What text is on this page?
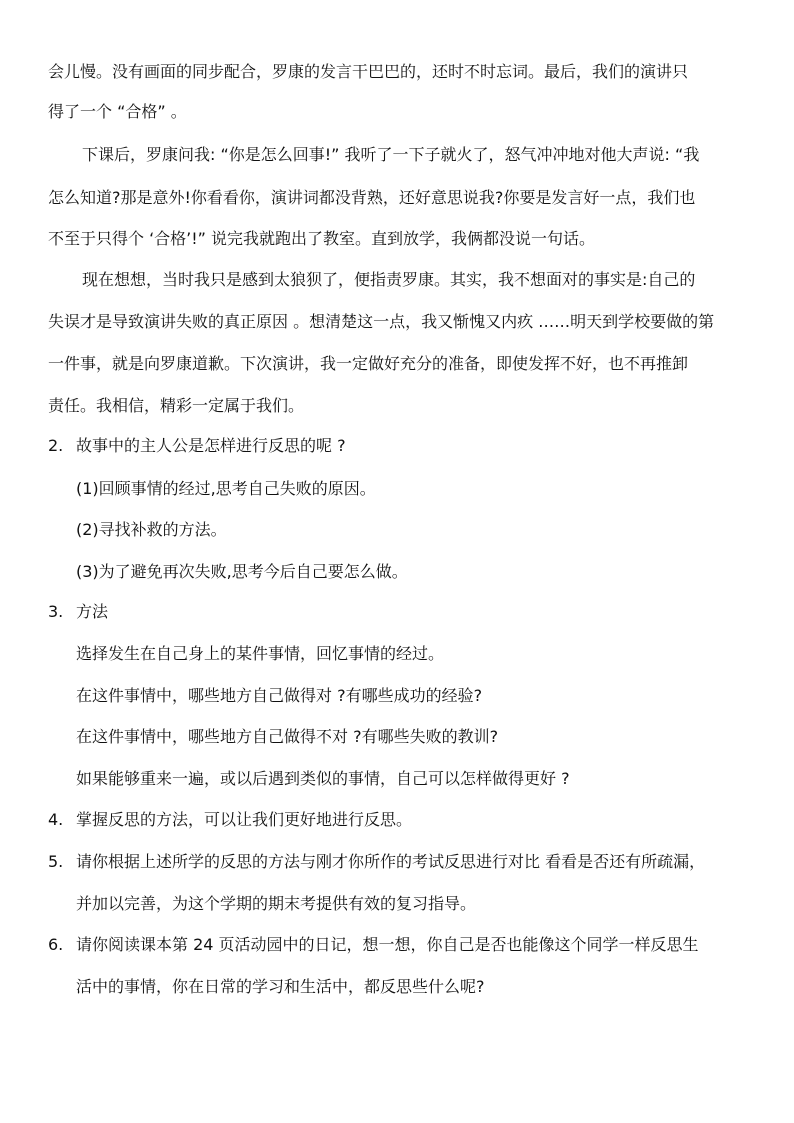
会儿慢。没有画面的同步配合，罗康的发言干巴巴的，还时不时忘词。最后，我们的演讲只
得了一个 “合格” 。
下课后，罗康问我: “你是怎么回事!” 我听了一下子就火了，怒气冲冲地对他大声说: “我
怎么知道?那是意外!你看看你，演讲词都没背熟，还好意思说我?你要是发言好一点，我们也
不至于只得个 ‘合格’!” 说完我就跑出了教室。直到放学，我俩都没说一句话。
现在想想，当时我只是感到太狼狈了，便指责罗康。其实，我不想面对的事实是:自己的
失误才是导致演讲失败的真正原因 。想清楚这一点，我又惭愧又内疚 ……明天到学校要做的第
一件事，就是向罗康道歉。下次演讲，我一定做好充分的准备，即使发挥不好，也不再推卸
责任。我相信，精彩一定属于我们。
2. 故事中的主人公是怎样进行反思的呢 ?
(1)回顾事情的经过,思考自己失败的原因。
(2)寻找补救的方法。
(3)为了避免再次失败,思考今后自己要怎么做。
3. 方法
选择发生在自己身上的某件事情，回忆事情的经过。
在这件事情中，哪些地方自己做得对 ?有哪些成功的经验?
在这件事情中，哪些地方自己做得不对 ?有哪些失败的教训?
如果能够重来一遍，或以后遇到类似的事情，自己可以怎样做得更好 ?
4. 掌握反思的方法，可以让我们更好地进行反思。
5. 请你根据上述所学的反思的方法与刚才你所作的考试反思进行对比 看看是否还有所疏漏，
并加以完善，为这个学期的期末考提供有效的复习指导。
6. 请你阅读课本第 24 页活动园中的日记，想一想，你自己是否也能像这个同学一样反思生
活中的事情，你在日常的学习和生活中，都反思些什么呢?
